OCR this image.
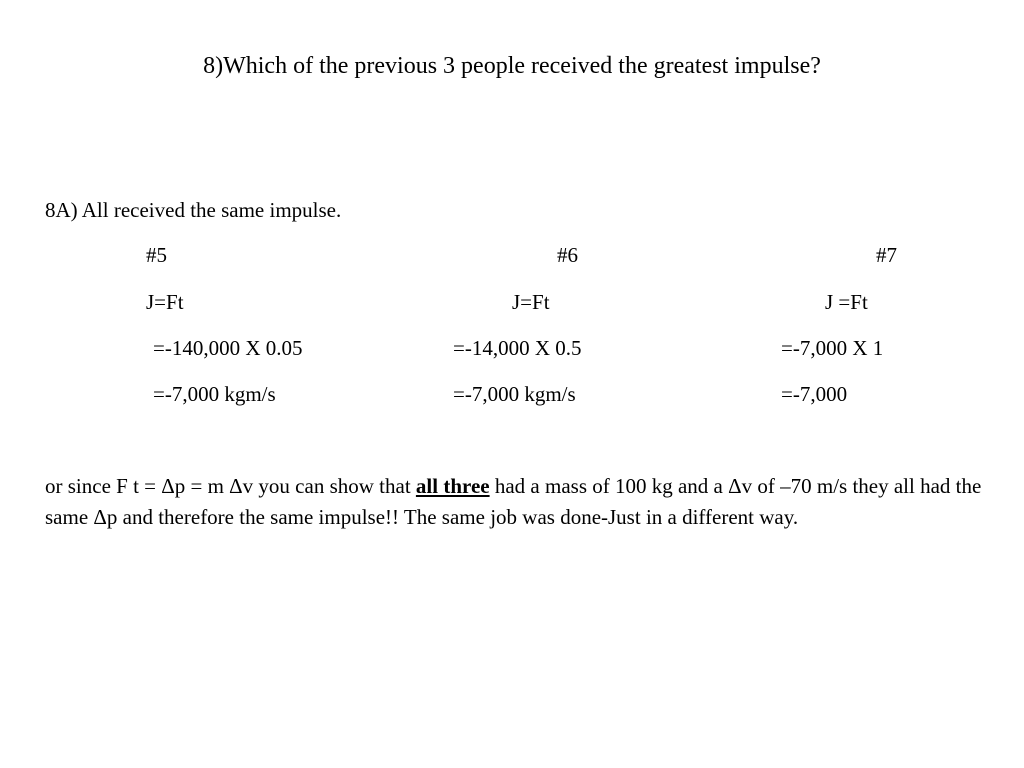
8)Which of the previous 3 people received the greatest impulse?
8A) All received the same impulse.
#5
J=Ft
=-140,000 X 0.05
=-7,000 kgm/s
#6
J=Ft
=-14,000 X 0.5
=-7,000 kgm/s
#7
J =Ft
=-7,000 X 1
=-7,000
or since F t = Δp = m Δv you can show that all three had a mass of 100 kg and a Δv of –70 m/s they all had the same Δp and therefore the same impulse!! The same job was done-Just in a different way.
